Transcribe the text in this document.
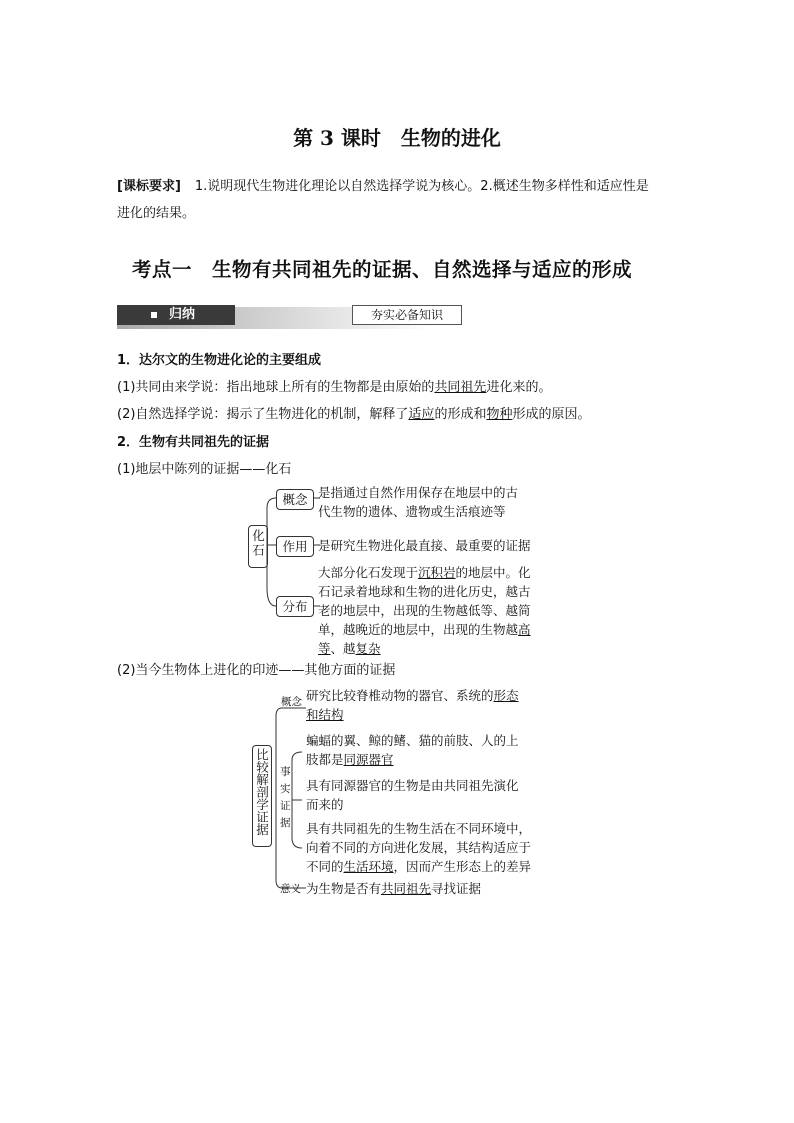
第 3 课时　生物的进化
[课标要求] 1.说明现代生物进化理论以自然选择学说为核心。2.概述生物多样性和适应性是
进化的结果。
考点一　生物有共同祖先的证据、自然选择与适应的形成
归纳	夯实必备知识
1．达尔文的生物进化论的主要组成
(1)共同由来学说：指出地球上所有的生物都是由原始的共同祖先进化来的。
(2)自然选择学说：揭示了生物进化的机制，解释了适应的形成和物种形成的原因。
2．生物有共同祖先的证据
(1)地层中陈列的证据——化石
化石
概念
作用
分布
是指通过自然作用保存在地层中的古
代生物的遗体、遗物或生活痕迹等
是研究生物进化最直接、最重要的证据
大部分化石发现于沉积岩的地层中。化
石记录着地球和生物的进化历史，越古
老的地层中，出现的生物越低等、越简
单，越晚近的地层中，出现的生物越高
等、越复杂
(2)当今生物体上进化的印迹——其他方面的证据
比较解剖学证据
概念
事实证据
意义
研究比较脊椎动物的器官、系统的形态
和结构
蝙蝠的翼、鲸的鳍、猫的前肢、人的上
肢都是同源器官
具有同源器官的生物是由共同祖先演化
而来的
具有共同祖先的生物生活在不同环境中，
向着不同的方向进化发展，其结构适应于
不同的生活环境，因而产生形态上的差异
为生物是否有共同祖先寻找证据
